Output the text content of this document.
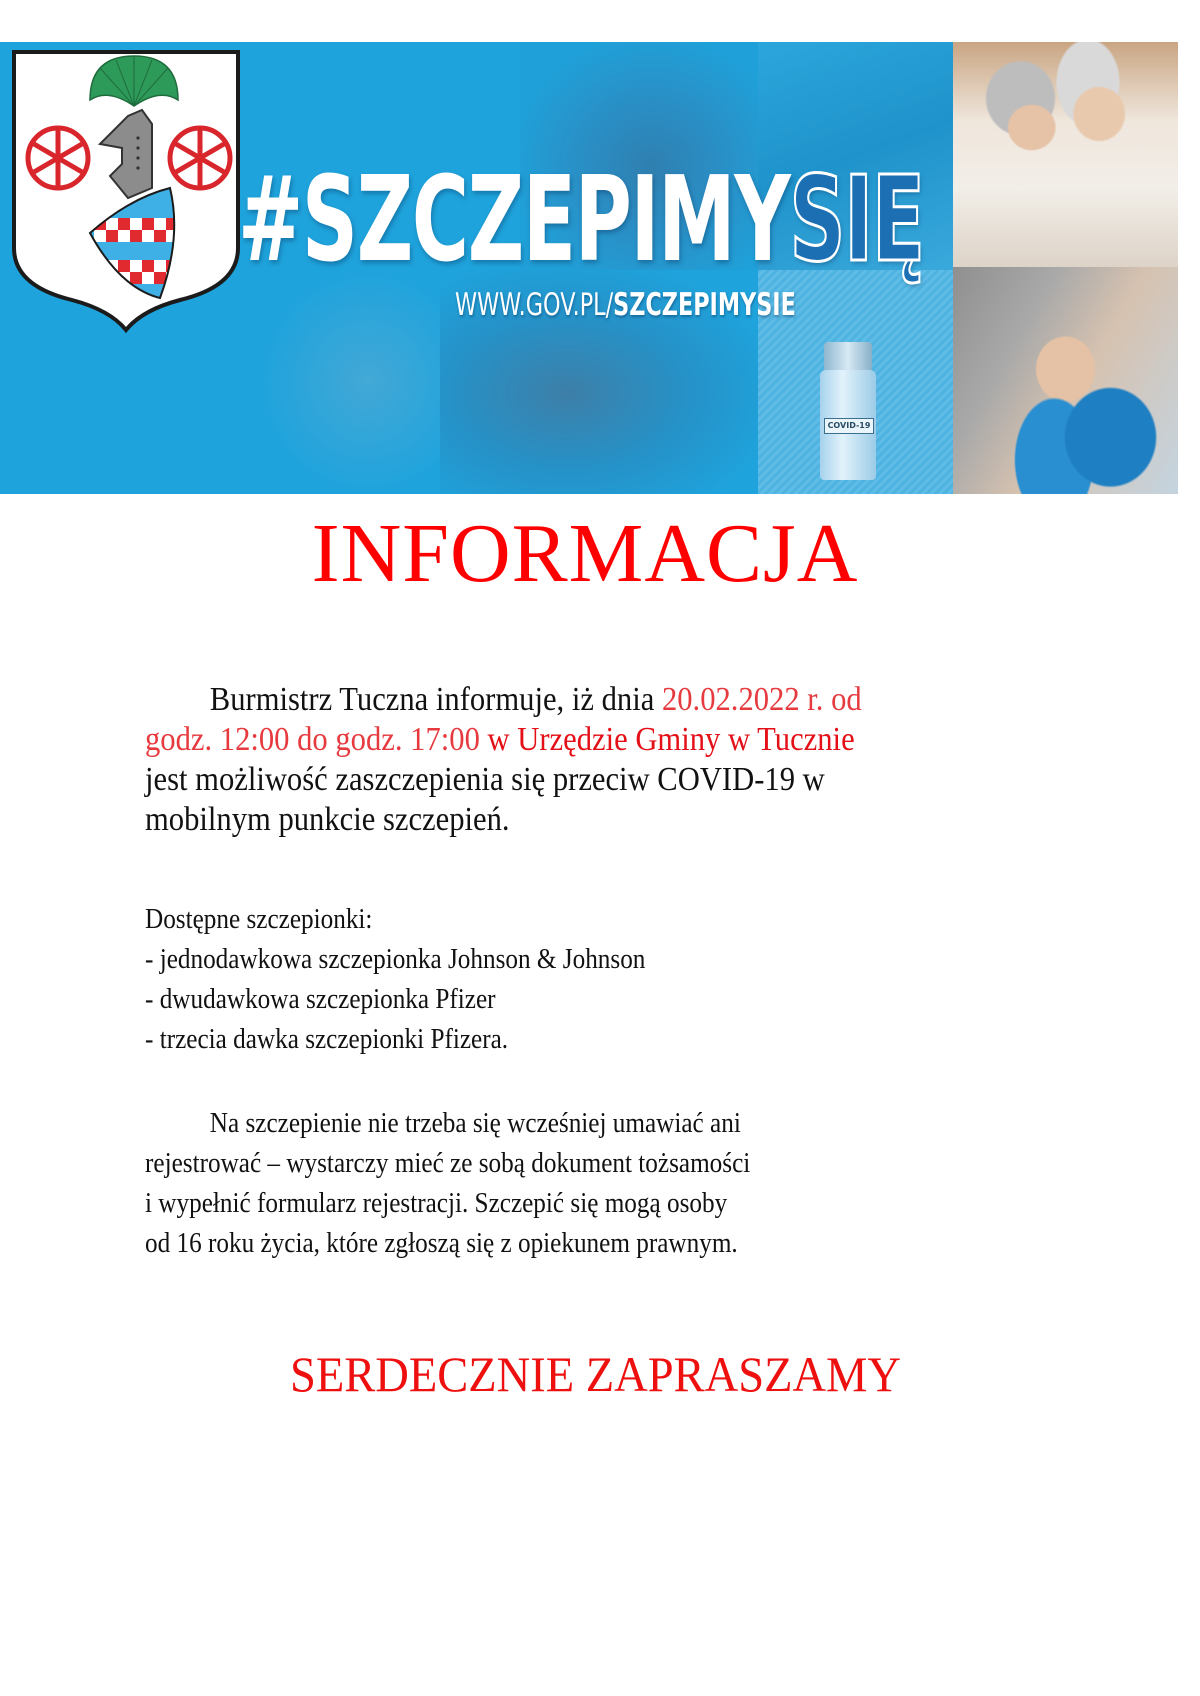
COVID-19
#SZCZEPIMYSIĘ
WWW.GOV.PL/SZCZEPIMYSIE
INFORMACJA
Burmistrz Tuczna informuje, iż dnia 20.02.2022 r. od
godz. 12:00 do godz. 17:00 w Urzędzie Gminy w Tucznie
jest możliwość zaszczepienia się przeciw COVID-19 w
mobilnym punkcie szczepień.
Dostępne szczepionki:
- jednodawkowa szczepionka Johnson & Johnson
- dwudawkowa szczepionka Pfizer
- trzecia dawka szczepionki Pfizera.
Na szczepienie nie trzeba się wcześniej umawiać ani
rejestrować – wystarczy mieć ze sobą dokument tożsamości
i wypełnić formularz rejestracji. Szczepić się mogą osoby
od 16 roku życia, które zgłoszą się z opiekunem prawnym.
SERDECZNIE ZAPRASZAMY
